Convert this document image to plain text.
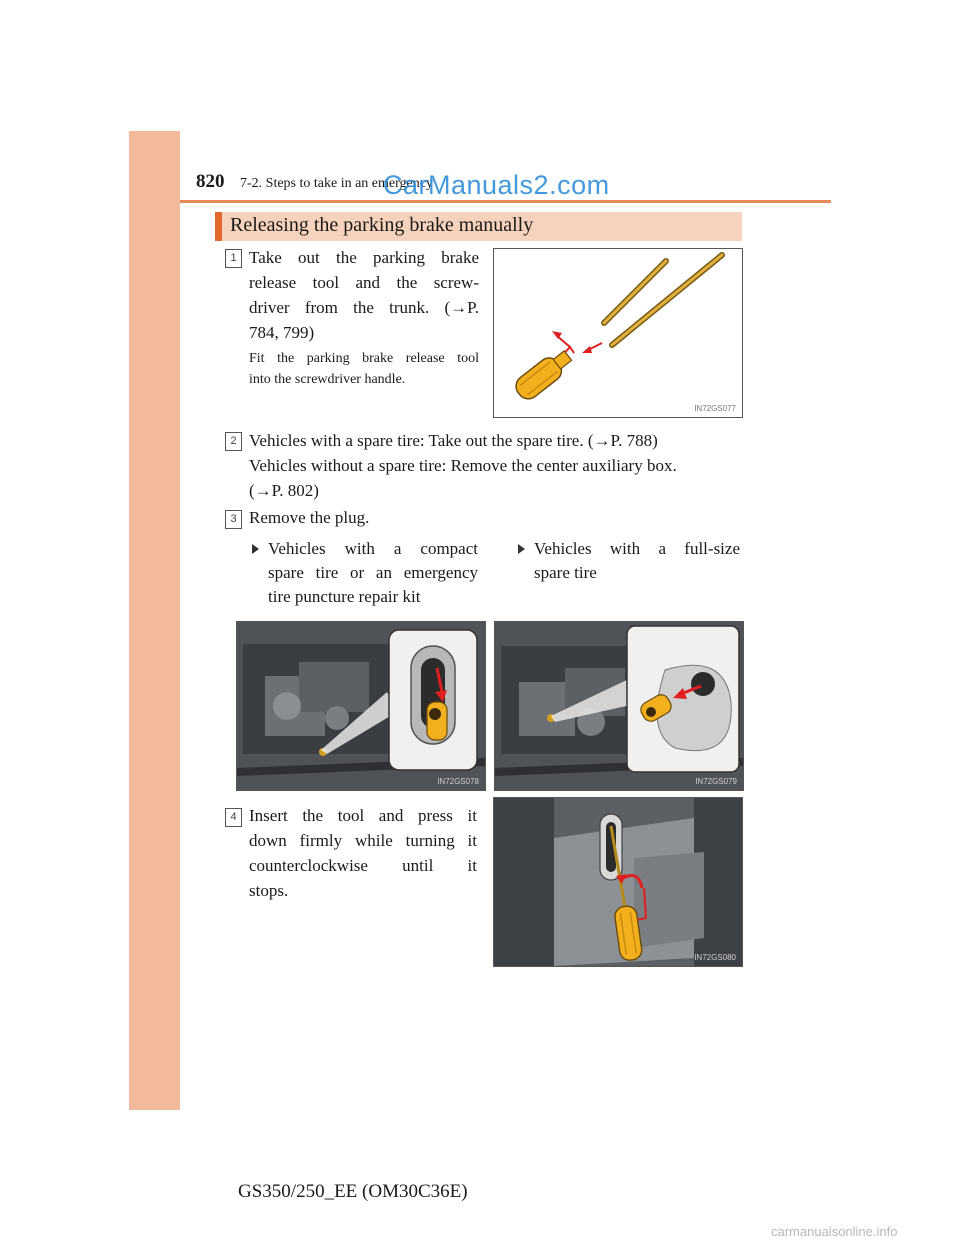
820 7-2. Steps to take in an emergency
CarManuals2.com
Releasing the parking brake manually
1 Take out the parking brake
release tool and the screw-
driver from the trunk. (→P.
784, 799)
Fit the parking brake release tool
into the screwdriver handle.
IN72GS077
2 Vehicles with a spare tire: Take out the spare tire. (→P. 788)
Vehicles without a spare tire: Remove the center auxiliary box.
(→P. 802)
3 Remove the plug.
Vehicles with a compact
spare tire or an emergency
tire puncture repair kit
Vehicles with a full-size
spare tire
IN72GS078	IN72GS079
4 Insert the tool and press it
down firmly while turning it
counterclockwise until it
stops.
IN72GS080
GS350/250_EE (OM30C36E)
carmanualsonline.info
